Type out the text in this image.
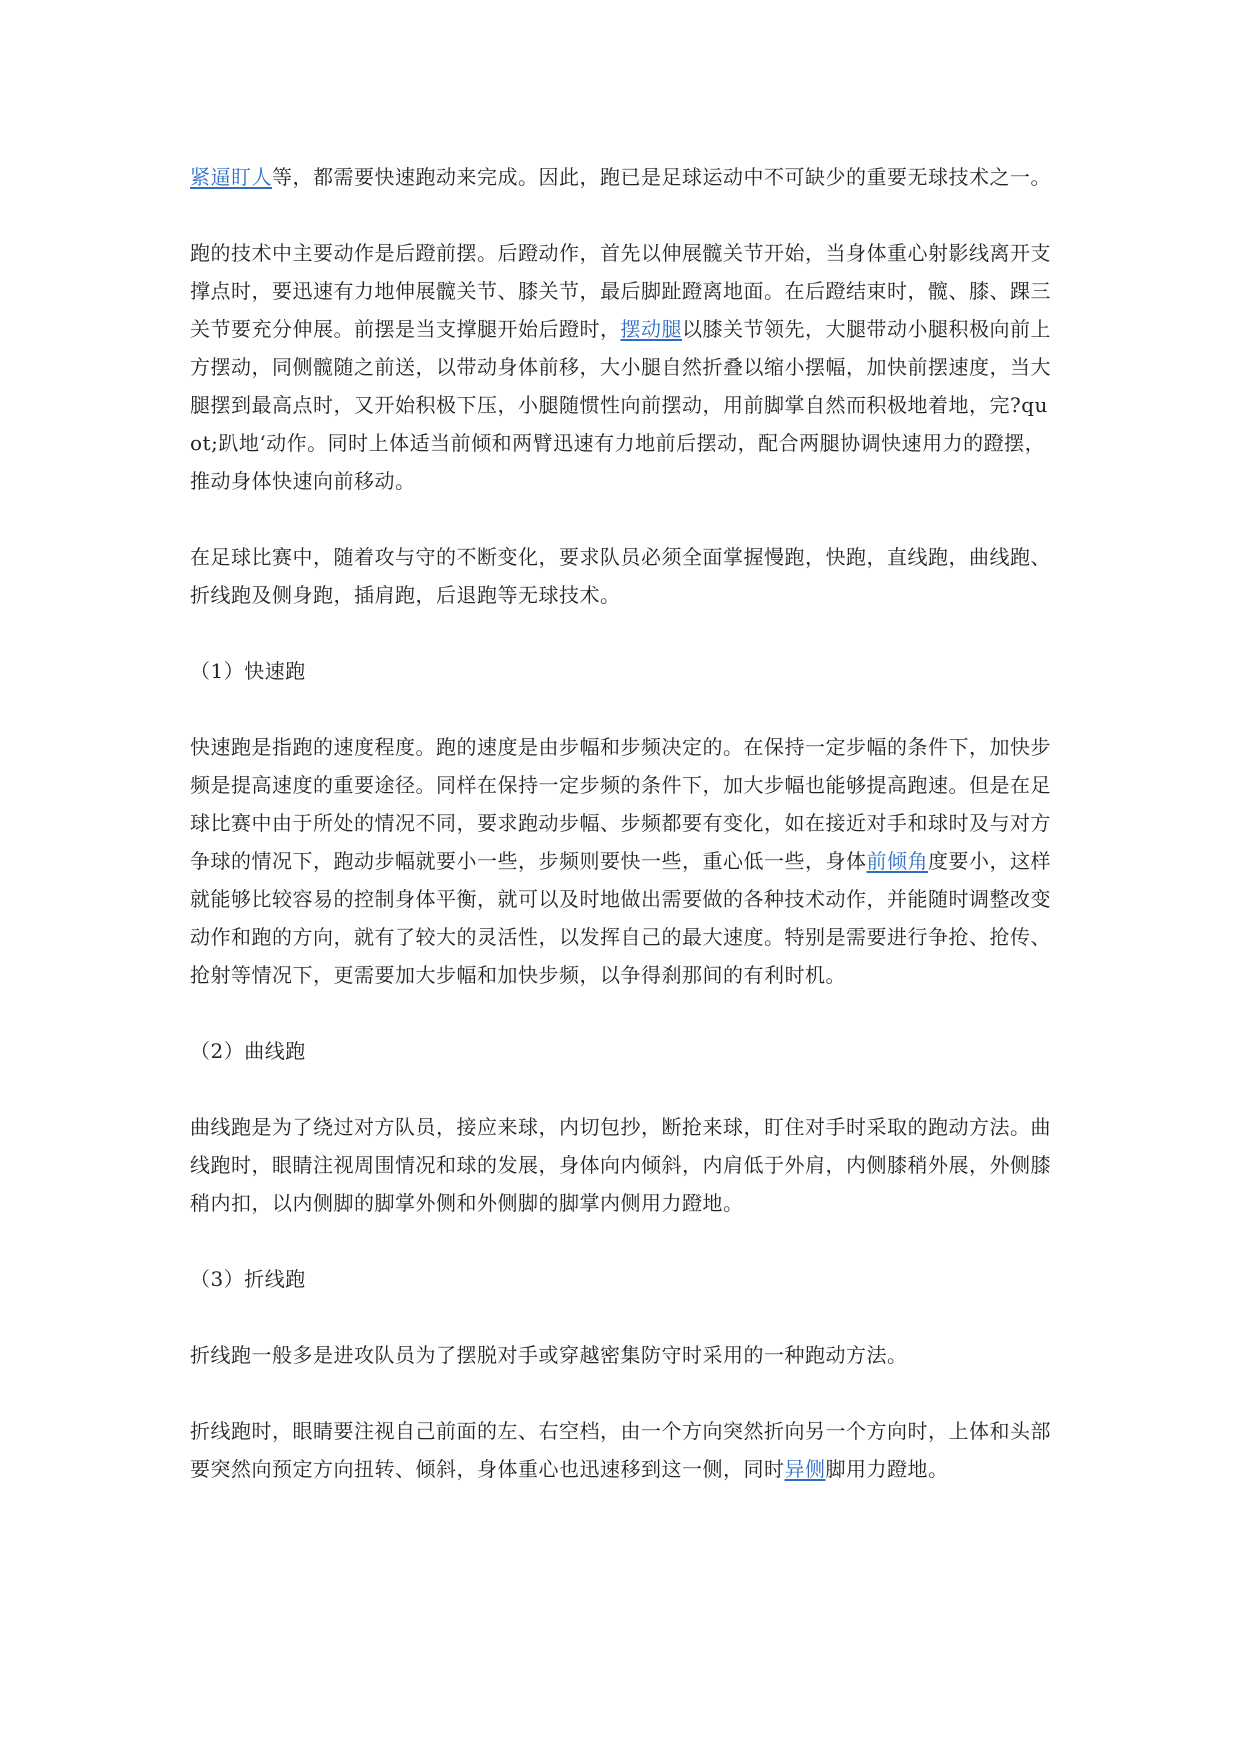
紧逼盯人等，都需要快速跑动来完成。因此，跑已是足球运动中不可缺少的重要无球技术之一。

跑的技术中主要动作是后蹬前摆。后蹬动作，首先以伸展髋关节开始，当身体重心射影线离开支撑点时，要迅速有力地伸展髋关节、膝关节，最后脚趾蹬离地面。在后蹬结束时，髋、膝、踝三关节要充分伸展。前摆是当支撑腿开始后蹬时，摆动腿以膝关节领先，大腿带动小腿积极向前上方摆动，同侧髋随之前送，以带动身体前移，大小腿自然折叠以缩小摆幅，加快前摆速度，当大腿摆到最高点时，又开始积极下压，小腿随惯性向前摆动，用前脚掌自然而积极地着地，完?quot;趴地‘动作。同时上体适当前倾和两臂迅速有力地前后摆动，配合两腿协调快速用力的蹬摆，推动身体快速向前移动。

在足球比赛中，随着攻与守的不断变化，要求队员必须全面掌握慢跑，快跑，直线跑，曲线跑、折线跑及侧身跑，插肩跑，后退跑等无球技术。

（1）快速跑

快速跑是指跑的速度程度。跑的速度是由步幅和步频决定的。在保持一定步幅的条件下，加快步频是提高速度的重要途径。同样在保持一定步频的条件下，加大步幅也能够提高跑速。但是在足球比赛中由于所处的情况不同，要求跑动步幅、步频都要有变化，如在接近对手和球时及与对方争球的情况下，跑动步幅就要小一些，步频则要快一些，重心低一些，身体前倾角度要小，这样就能够比较容易的控制身体平衡，就可以及时地做出需要做的各种技术动作，并能随时调整改变动作和跑的方向，就有了较大的灵活性，以发挥自己的最大速度。特别是需要进行争抢、抢传、抢射等情况下，更需要加大步幅和加快步频，以争得刹那间的有利时机。

（2）曲线跑

曲线跑是为了绕过对方队员，接应来球，内切包抄，断抢来球，盯住对手时采取的跑动方法。曲线跑时，眼睛注视周围情况和球的发展，身体向内倾斜，内肩低于外肩，内侧膝稍外展，外侧膝稍内扣，以内侧脚的脚掌外侧和外侧脚的脚掌内侧用力蹬地。

（3）折线跑

折线跑一般多是进攻队员为了摆脱对手或穿越密集防守时采用的一种跑动方法。

折线跑时，眼睛要注视自己前面的左、右空档，由一个方向突然折向另一个方向时，上体和头部要突然向预定方向扭转、倾斜，身体重心也迅速移到这一侧，同时异侧脚用力蹬地。
